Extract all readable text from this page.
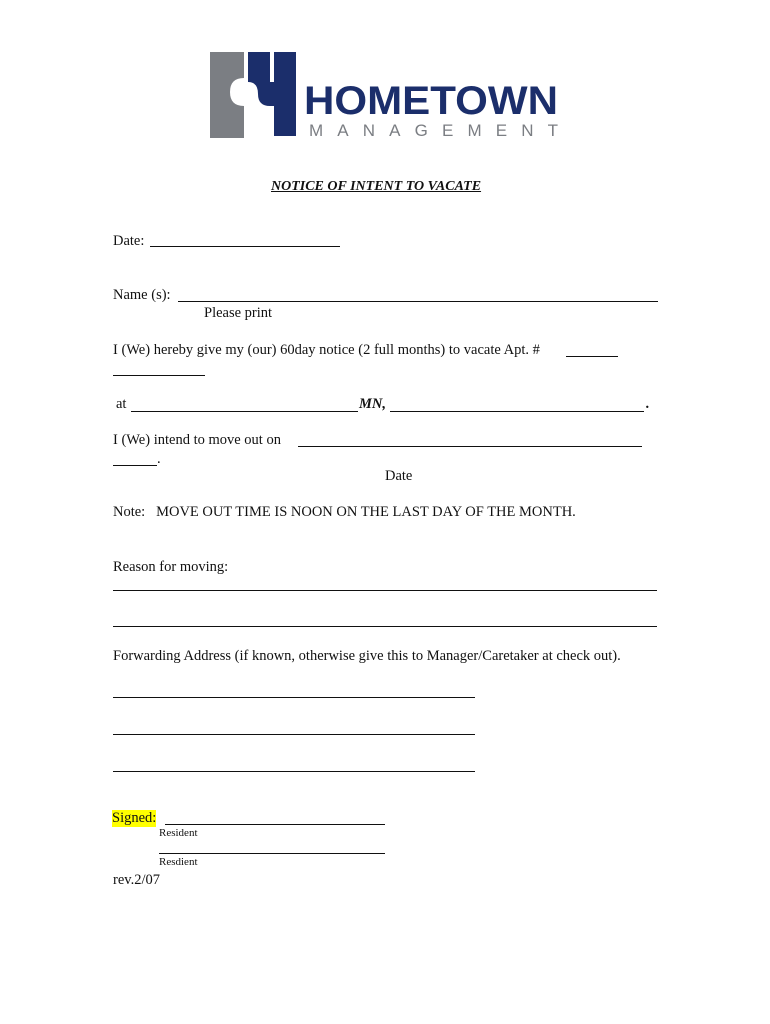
HOMETOWN
MANAGEMENT
NOTICE OF INTENT TO VACATE
Date:
Name (s):
Please print
I (We) hereby give my (our) 60day notice (2 full months) to vacate Apt. #
at	MN,	.
I (We) intend to move out on
.
Date
Note:   MOVE OUT TIME IS NOON ON THE LAST DAY OF THE MONTH.
Reason for moving:
Forwarding Address (if known, otherwise give this to Manager/Caretaker at check out).
Signed:
Resident
Resdient
rev.2/07
